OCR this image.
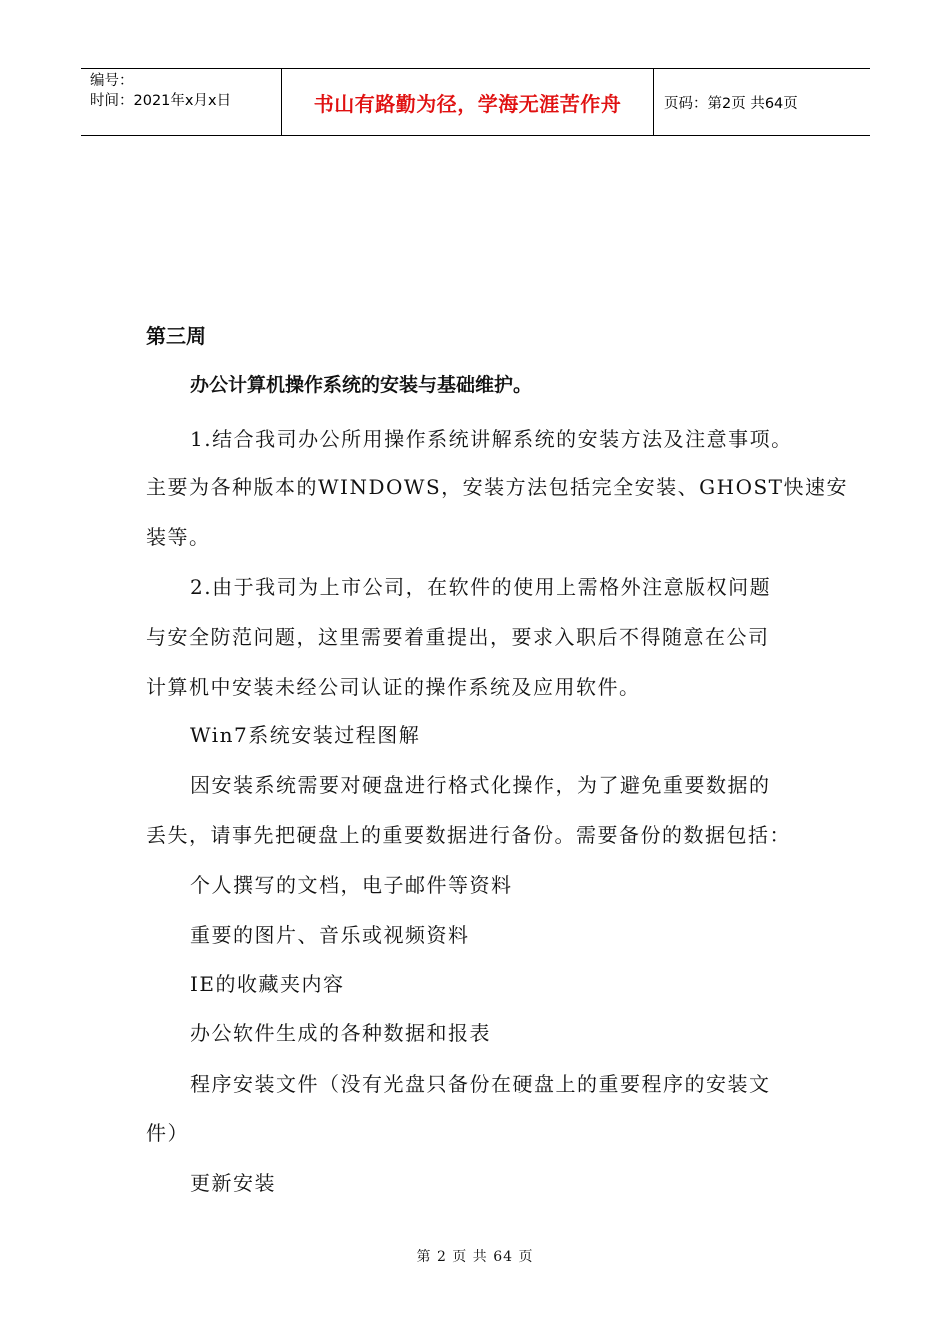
编号：
时间：2021年x月x日	书山有路勤为径，学海无涯苦作舟	页码：第2页 共64页
第三周
办公计算机操作系统的安装与基础维护。
1.结合我司办公所用操作系统讲解系统的安装方法及注意事项。
主要为各种版本的WINDOWS，安装方法包括完全安装、GHOST快速安
装等。
2.由于我司为上市公司，在软件的使用上需格外注意版权问题
与安全防范问题，这里需要着重提出，要求入职后不得随意在公司
计算机中安装未经公司认证的操作系统及应用软件。
Win7系统安装过程图解
因安装系统需要对硬盘进行格式化操作，为了避免重要数据的
丢失，请事先把硬盘上的重要数据进行备份。需要备份的数据包括：
个人撰写的文档，电子邮件等资料
重要的图片、音乐或视频资料
IE的收藏夹内容
办公软件生成的各种数据和报表
程序安装文件（没有光盘只备份在硬盘上的重要程序的安装文
件）
更新安装
第 2 页 共 64 页
